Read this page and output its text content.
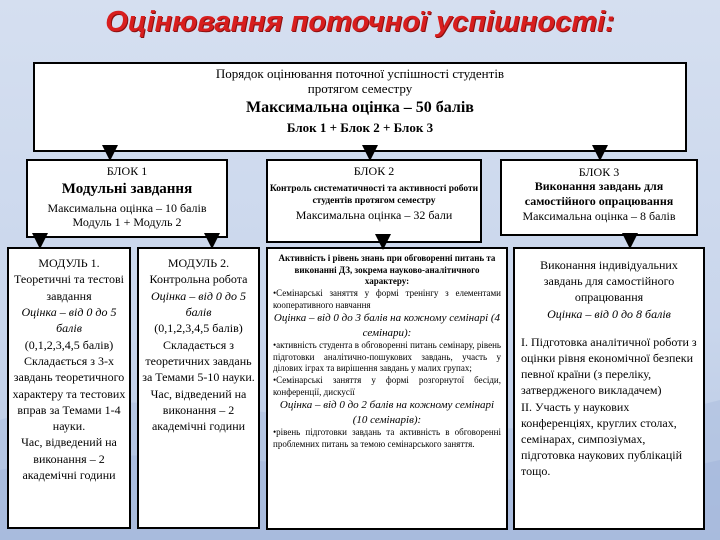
Оцінювання поточної успішності:
Порядок оцінювання поточної успішності студентів
протягом семестру
Максимальна оцінка – 50 балів
Блок 1 + Блок 2 + Блок 3
БЛОК 1
Модульні завдання
Максимальна оцінка – 10 балів
Модуль 1 + Модуль 2
БЛОК 2
Контроль систематичності та активності роботи студентів протягом семестру
Максимальна оцінка – 32 бали
БЛОК 3
Виконання завдань для самостійного опрацювання
Максимальна оцінка – 8 балів
МОДУЛЬ 1.
Теоретичні та тестові завдання
Оцінка – від 0 до 5 балів
(0,1,2,3,4,5 балів)
Складається з 3-х завдань теоретичного характеру та тестових вправ за Темами 1-4 науки.
Час, відведений на виконання – 2 академічні години
МОДУЛЬ 2.
Контрольна робота
Оцінка – від 0 до 5 балів
(0,1,2,3,4,5 балів)
Складається з теоретичних завдань за Темами 5-10 науки.
Час, відведений на виконання – 2 академічні години

Активність і рівень знань при обговоренні питань та виконанні ДЗ, зокрема науково-аналітичного характеру:

•Семінарські заняття у формі тренінгу з елементами кооперативного навчання

Оцінка – від 0 до 3 балів на кожному семінарі (4 семінари):

•активність студента в обговоренні питань семінару, рівень підготовки аналітично-пошукових завдань, участь у ділових іграх та вирішення завдань у малих групах;

•Семінарські заняття у формі розгорнутої бесіди, конференції, дискусії

Оцінка – від 0 до 2 балів на кожному семінарі (10 семінарів):

•рівень підготовки завдань та активність в обговоренні проблемних питань за темою семінарського заняття.

Виконання індивідуальних завдань для самостійного опрацювання
Оцінка – від 0 до 8 балів
І. Підготовка аналітичної роботи з оцінки рівня економічної безпеки певної країни (з переліку, затвердженого викладачем)
ІІ. Участь у наукових конференціях, круглих столах, семінарах, симпозіумах, підготовка наукових публікацій тощо.
